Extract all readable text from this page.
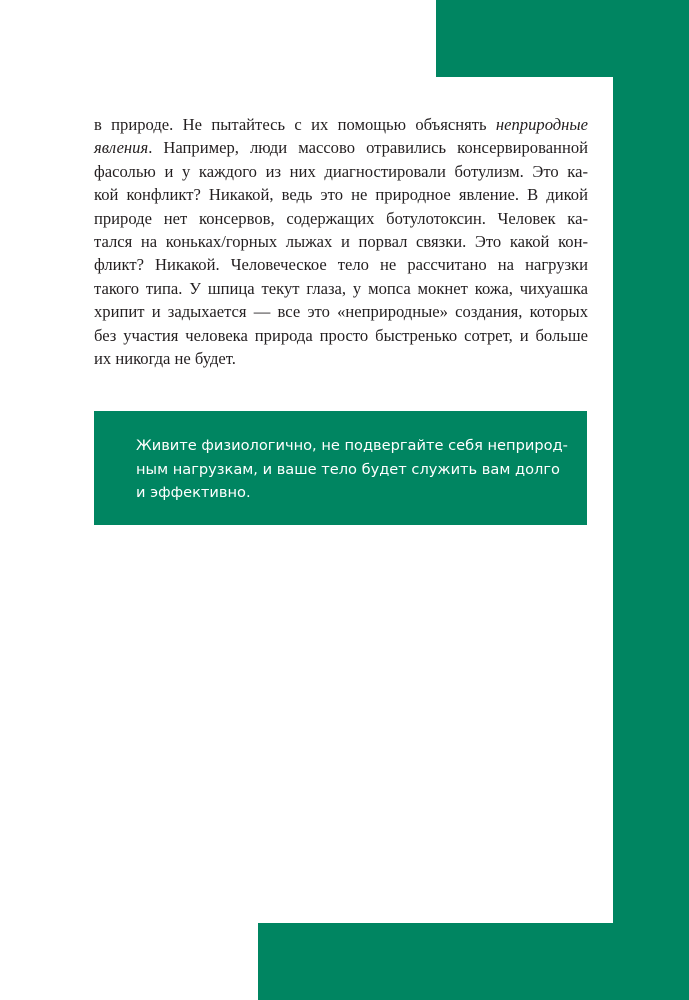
в природе. Не пытайтесь с их помощью объяснять неприродные
явления. Например, люди массово отравились консервированной
фасолью и у каждого из них диагностировали ботулизм. Это ка-
кой конфликт? Никакой, ведь это не природное явление. В дикой
природе нет консервов, содержащих ботулотоксин. Человек ка-
тался на коньках/горных лыжах и порвал связки. Это какой кон-
фликт? Никакой. Человеческое тело не рассчитано на нагрузки
такого типа. У шпица текут глаза, у мопса мокнет кожа, чихуашка
хрипит и задыхается — все это «неприродные» создания, которых
без участия человека природа просто быстренько сотрет, и больше
их никогда не будет.
Живите физиологично, не подвергайте себя неприрод-
ным нагрузкам, и ваше тело будет служить вам долго
и эффективно.
